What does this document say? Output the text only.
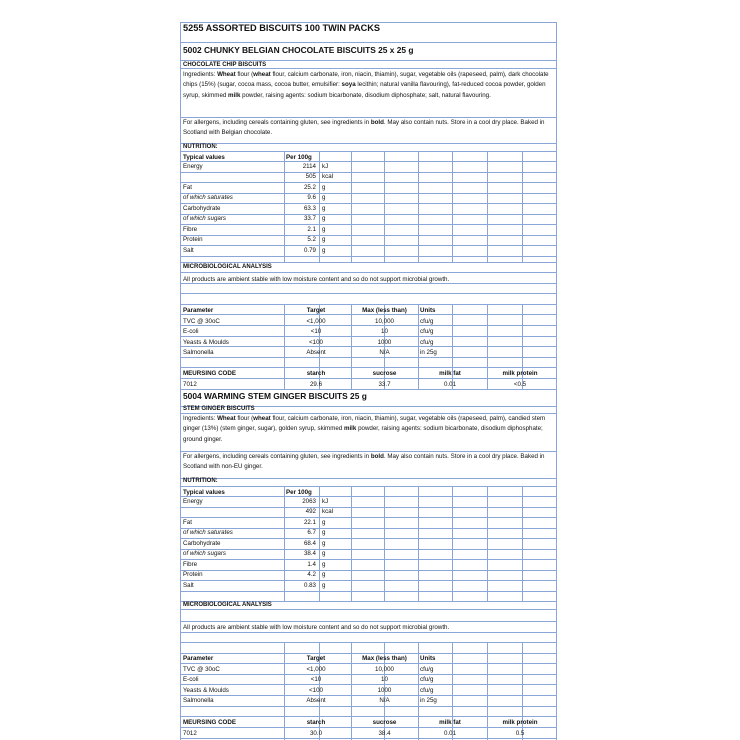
5255 ASSORTED BISCUITS 100 TWIN PACKS
5002 CHUNKY BELGIAN CHOCOLATE BISCUITS 25 x 25 g
CHOCOLATE CHIP BISCUITS
Ingredients: Wheat flour (wheat flour, calcium carbonate, iron, niacin, thiamin), sugar, vegetable oils (rapeseed, palm), dark chocolate chips (15%) (sugar, cocoa mass, cocoa butter, emulsifier: soya lecithin; natural vanilla flavouring), fat-reduced cocoa powder, golden syrup, skimmed milk powder, raising agents: sodium bicarbonate, disodium diphosphate; salt, natural flavouring.
For allergens, including cereals containing gluten, see ingredients in bold. May also contain nuts. Store in a cool dry place. Baked in Scotland with Belgian chocolate.
NUTRITION:
Typical values	Per 100g
Energy	2114 kJ
505 kcal
Fat	25.2 g
of which saturates	9.6 g
Carbohydrate	63.3 g
of which sugars	33.7 g
Fibre	2.1 g
Protein	5.2 g
Salt	0.79 g
MICROBIOLOGICAL ANALYSIS
All products are ambient stable with low moisture content and so do not support microbial growth.
Parameter	Target	Max (less than)	Units
TVC @ 30oC	<1,000	10,000	cfu/g
E-coli	<10	10	cfu/g
Yeasts & Moulds	<100	1000	cfu/g
Salmonella	Absent	N/A	in 25g
MEURSING CODE	starch	sucrose	milk fat	milk protein
7012	29.6	33.7	0.01	<0.5
5004 WARMING STEM GINGER BISCUITS 25 g
STEM GINGER BISCUITS
Ingredients: Wheat flour (wheat flour, calcium carbonate, iron, niacin, thiamin), sugar, vegetable oils (rapeseed, palm), candied stem ginger (13%) (stem ginger, sugar), golden syrup, skimmed milk powder, raising agents: sodium bicarbonate, disodium diphosphate; ground ginger.
For allergens, including cereals containing gluten, see ingredients in bold. May also contain nuts. Store in a cool dry place. Baked in Scotland with non-EU ginger.
NUTRITION:
Typical values	Per 100g
Energy	2063 kJ
492 kcal
Fat	22.1 g
of which saturates	6.7 g
Carbohydrate	68.4 g
of which sugars	38.4 g
Fibre	1.4 g
Protein	4.2 g
Salt	0.83 g
MICROBIOLOGICAL ANALYSIS
All products are ambient stable with low moisture content and so do not support microbial growth.
Parameter	Target	Max (less than)	Units
TVC @ 30oC	<1,000	10,000	cfu/g
E-coli	<10	10	cfu/g
Yeasts & Moulds	<100	1000	cfu/g
Salmonella	Absent	N/A	in 25g
MEURSING CODE	starch	sucrose	milk fat	milk protein
7012	30.0	38.4	0.01	0.5
